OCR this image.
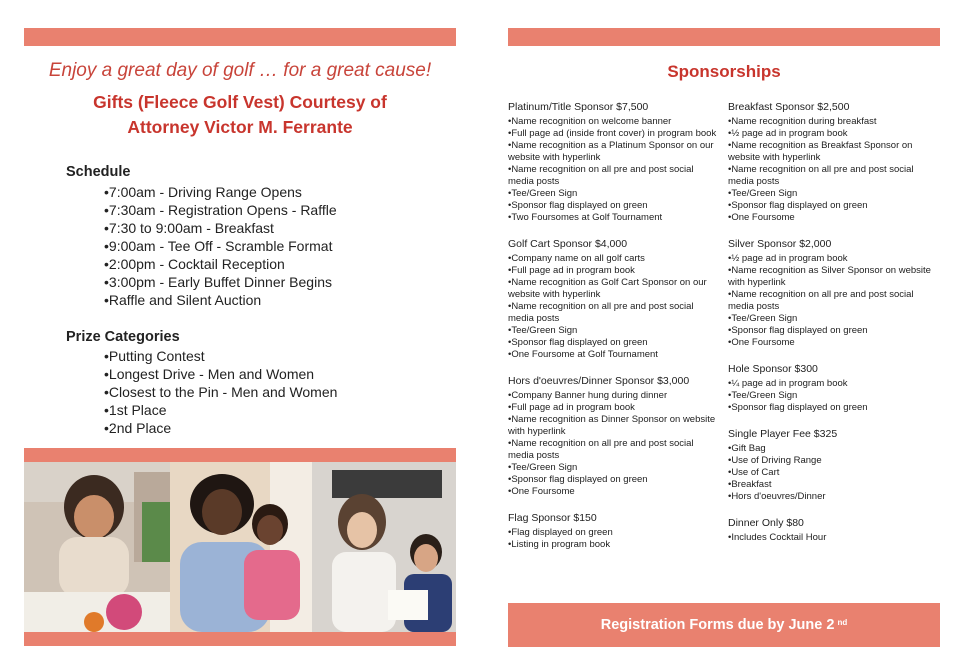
Enjoy a great day of golf … for a great cause!
Gifts (Fleece Golf Vest) Courtesy of
Attorney Victor M. Ferrante
Schedule
•7:00am - Driving Range Opens
•7:30am - Registration Opens - Raffle
•7:30 to 9:00am - Breakfast
•9:00am - Tee Off - Scramble Format
•2:00pm - Cocktail Reception
•3:00pm - Early Buffet Dinner Begins
•Raffle and Silent Auction
Prize Categories
•Putting Contest
•Longest Drive - Men and Women
•Closest to the Pin - Men and Women
•1st Place
•2nd Place
Sponsorships
Platinum/Title Sponsor $7,500
•Name recognition on welcome banner
•Full page ad (inside front cover) in program book
•Name recognition as a Platinum Sponsor on our website with hyperlink
•Name recognition on all pre and post social media posts
•Tee/Green Sign
•Sponsor flag displayed on green
•Two Foursomes at Golf Tournament
Golf Cart Sponsor $4,000
•Company name on all golf carts
•Full page ad in program book
•Name recognition as Golf Cart Sponsor on our website with hyperlink
•Name recognition on all pre and post social media posts
•Tee/Green Sign
•Sponsor flag displayed on green
•One Foursome at Golf Tournament
Hors d'oeuvres/Dinner Sponsor $3,000
•Company Banner hung during dinner
•Full page ad in program book
•Name recognition as Dinner Sponsor on website with hyperlink
•Name recognition on all pre and post social media posts
•Tee/Green Sign
•Sponsor flag displayed on green
•One Foursome
Flag Sponsor $150
•Flag displayed on green
•Listing in program book
Breakfast Sponsor $2,500
•Name recognition during breakfast
•½ page ad in program book
•Name recognition as Breakfast Sponsor on website with hyperlink
•Name recognition on all pre and post social media posts
•Tee/Green Sign
•Sponsor flag displayed on green
•One Foursome
Silver Sponsor $2,000
•½ page ad in program book
•Name recognition as Silver Sponsor on website with hyperlink
•Name recognition on all pre and post social media posts
•Tee/Green Sign
•Sponsor flag displayed on green
•One Foursome
Hole Sponsor $300
•¼ page ad in program book
•Tee/Green Sign
•Sponsor flag displayed on green
Single Player Fee $325
•Gift Bag
•Use of Driving Range
•Use of Cart
•Breakfast
•Hors d'oeuvres/Dinner
Dinner Only $80
•Includes Cocktail Hour
Registration Forms due by June 2 $^{nd}$
